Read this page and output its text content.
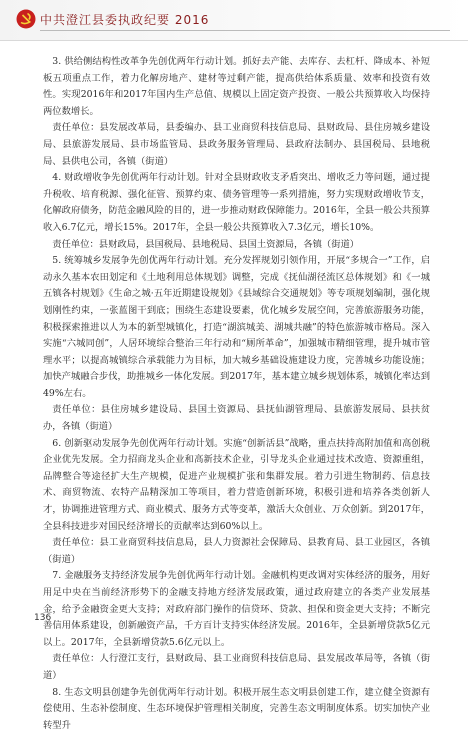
中共澄江县委执政纪要 2016

3. 供给侧结构性改革争先创优两年行动计划。抓好去产能、去库存、去杠杆、降成本、补短板五项重点工作，着力化解房地产、建材等过剩产能，提高供给体系质量、效率和投资有效性。实现2016年和2017年国内生产总值、规模以上固定资产投资、一般公共预算收入均保持两位数增长。

责任单位：县发展改革局，县委编办、县工业商贸科技信息局、县财政局、县住房城乡建设局、县旅游发展局、县市场监管局、县政务服务管理局、县政府法制办、县国税局、县地税局、县供电公司，各镇（街道）

4. 财政增收争先创优两年行动计划。针对全县财政收支矛盾突出、增收乏力等问题，通过提升税收、培育税源、强化征管、预算约束、债务管理等一系列措施，努力实现财政增收节支，化解政府债务，防范金融风险的目的，进一步推动财政保障能力。2016年，全县一般公共预算收入6.7亿元，增长15%。2017年，全县一般公共预算收入7.3亿元，增长10%。

责任单位：县财政局，县国税局、县地税局、县国土资源局，各镇（街道）

5. 统筹城乡发展争先创优两年行动计划。充分发挥规划引领作用，开展“多规合一”工作，启动永久基本农田划定和《土地利用总体规划》调整，完成《抚仙湖径流区总体规划》和《一城五镇各村规划》《生命之城·五年近期建设规划》《县域综合交通规划》等专项规划编制，强化规划刚性约束，一张蓝图干到底；围绕生态建设要素，优化城乡发展空间，完善旅游服务功能，积极探索推进以人为本的新型城镇化，打造“湖滨城美、湖城共融”的特色旅游城市格局。深入实施“六城同创”，人居环境综合整治三年行动和“厕所革命”，加强城市精细管理，提升城市管理水平；以提高城镇综合承载能力为目标，加大城乡基础设施建设力度，完善城乡功能设施；加快产城融合步伐，助推城乡一体化发展。到2017年，基本建立城乡规划体系，城镇化率达到49%左右。

责任单位：县住房城乡建设局、县国土资源局、县抚仙湖管理局、县旅游发展局、县扶贫办，各镇（街道）

6. 创新驱动发展争先创优两年行动计划。实施“创新活县”战略，重点扶持高附加值和高创税企业优先发展。全力招商龙头企业和高新技术企业，引导龙头企业通过技术改造、资源重组，品牌整合等途径扩大生产规模，促进产业规模扩张和集群发展。着力引进生物制药、信息技术、商贸物流、农特产品精深加工等项目，着力营造创新环境，积极引进和培养各类创新人才，协调推进管理方式、商业模式、服务方式等变革，激活大众创业、万众创新。到2017年，全县科技进步对国民经济增长的贡献率达到60%以上。

责任单位：县工业商贸科技信息局，县人力资源社会保障局、县教育局、县工业园区，各镇（街道）

7. 金融服务支持经济发展争先创优两年行动计划。金融机构更改调对实体经济的服务，用好用足中央在当前经济形势下的金融支持地方经济发展政策，通过政府建立的各类产业发展基金，给予金融资金更大支持；对政府部门操作的信贷环、贷款、担保和资金更大支持；不断完善信用体系建设，创新融资产品，千方百计支持实体经济发展。2016年，全县新增贷款5亿元以上。2017年，全县新增贷款5.6亿元以上。

责任单位：人行澄江支行，县财政局、县工业商贸科技信息局、县发展改革局等，各镇（街道）

8. 生态文明县创建争先创优两年行动计划。积极开展生态文明县创建工作，建立健全资源有偿使用、生态补偿制度、生态环境保护管理相关制度，完善生态文明制度体系。切实加快产业转型升

136
